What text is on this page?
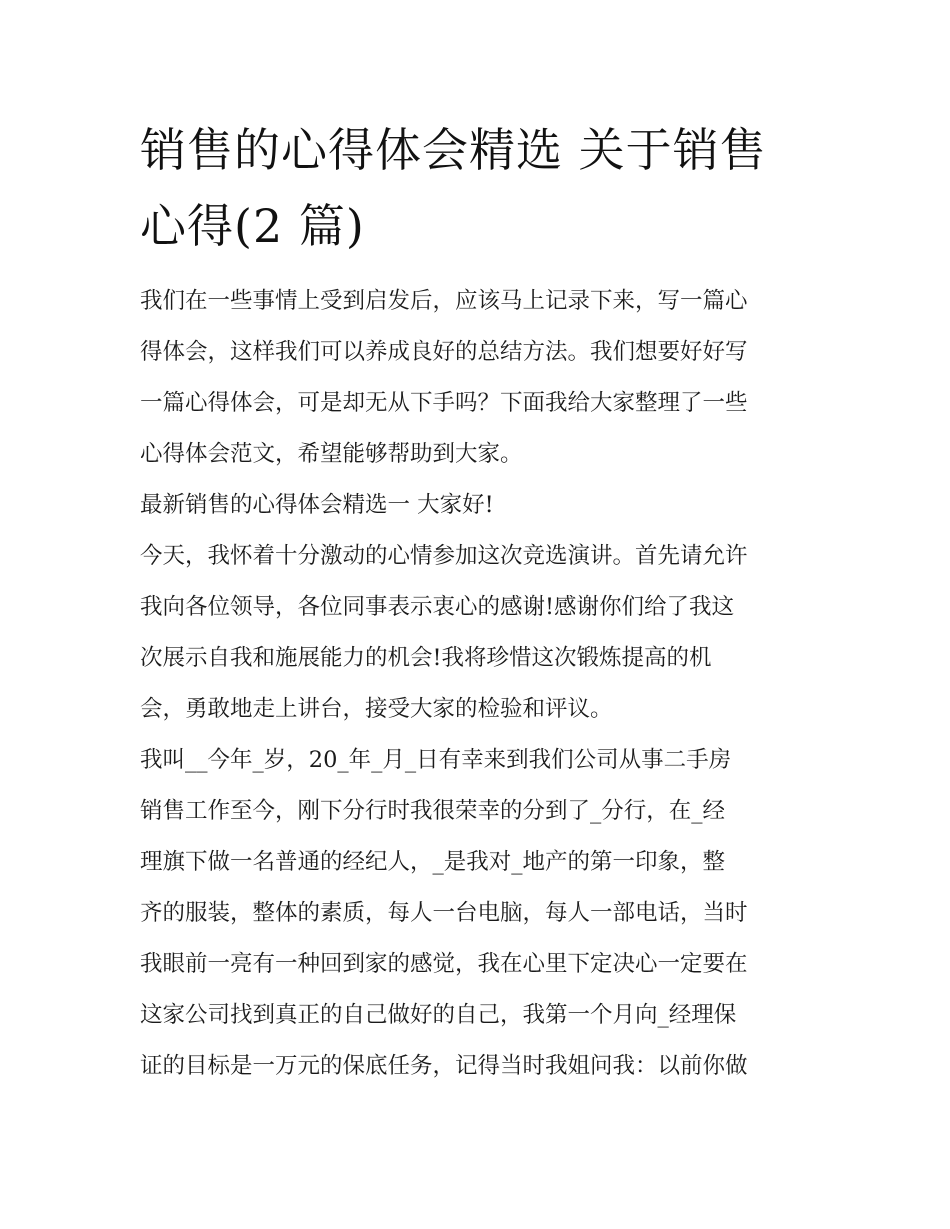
销售的心得体会精选 关于销售
心得(2 篇)
我们在一些事情上受到启发后，应该马上记录下来，写一篇心
得体会，这样我们可以养成良好的总结方法。我们想要好好写
一篇心得体会，可是却无从下手吗？下面我给大家整理了一些
心得体会范文，希望能够帮助到大家。
最新销售的心得体会精选一 大家好!
今天，我怀着十分激动的心情参加这次竞选演讲。首先请允许
我向各位领导，各位同事表示衷心的感谢!感谢你们给了我这
次展示自我和施展能力的机会!我将珍惜这次锻炼提高的机
会，勇敢地走上讲台，接受大家的检验和评议。
我叫__今年_岁，20_年_月_日有幸来到我们公司从事二手房
销售工作至今，刚下分行时我很荣幸的分到了_分行，在_经
理旗下做一名普通的经纪人，_是我对_地产的第一印象，整
齐的服装，整体的素质，每人一台电脑，每人一部电话，当时
我眼前一亮有一种回到家的感觉，我在心里下定决心一定要在
这家公司找到真正的自己做好的自己，我第一个月向_经理保
证的目标是一万元的保底任务，记得当时我姐问我：以前你做
